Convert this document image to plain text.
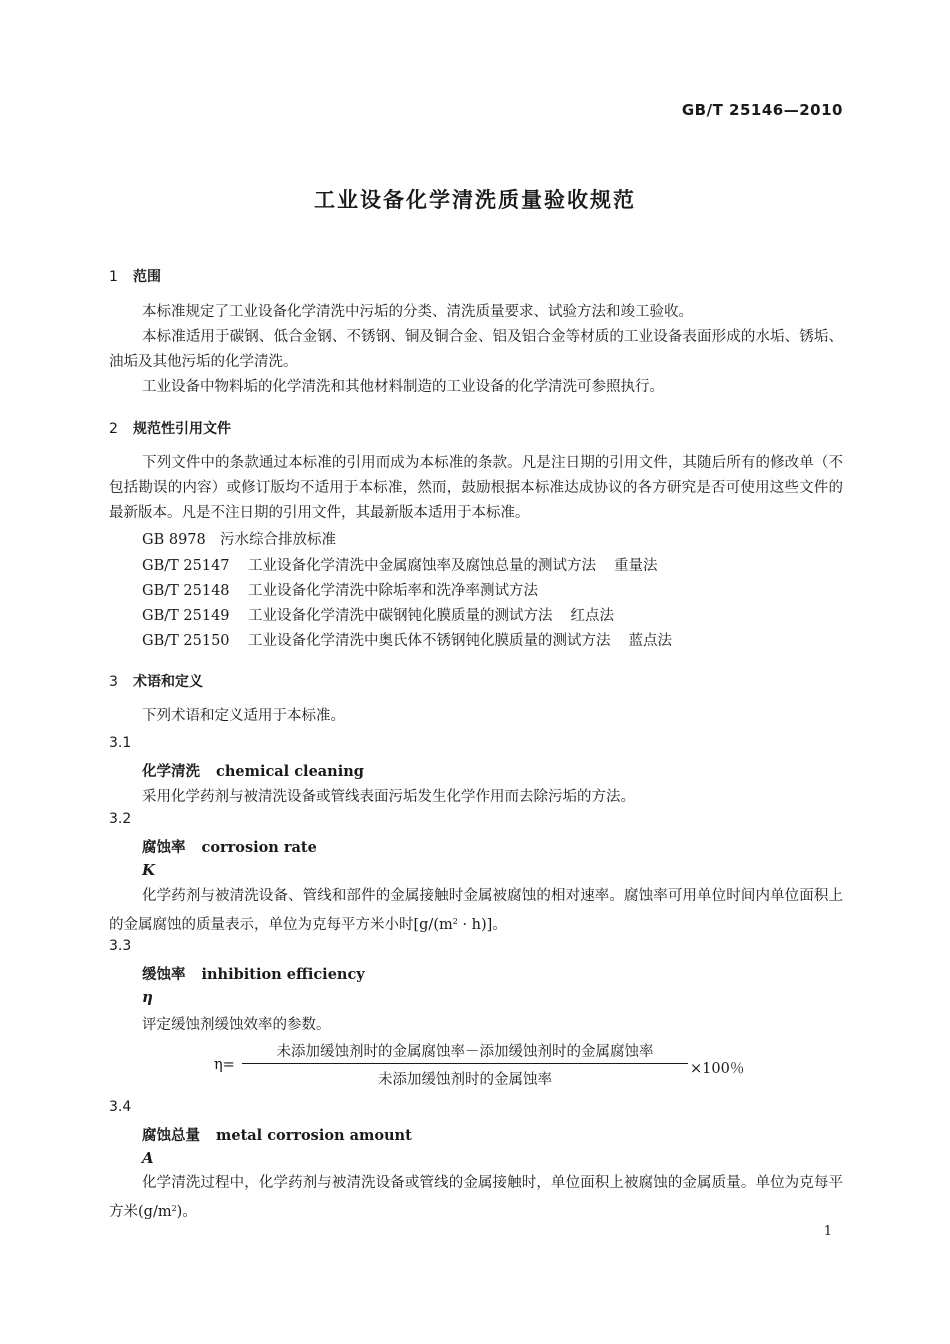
GB/T 25146—2010
工业设备化学清洗质量验收规范
1 范围
本标准规定了工业设备化学清洗中污垢的分类、清洗质量要求、试验方法和竣工验收。
本标准适用于碳钢、低合金钢、不锈钢、铜及铜合金、铝及铝合金等材质的工业设备表面形成的水垢、锈垢、油垢及其他污垢的化学清洗。
工业设备中物料垢的化学清洗和其他材料制造的工业设备的化学清洗可参照执行。
2 规范性引用文件
下列文件中的条款通过本标准的引用而成为本标准的条款。凡是注日期的引用文件，其随后所有的修改单（不包括勘误的内容）或修订版均不适用于本标准，然而，鼓励根据本标准达成协议的各方研究是否可使用这些文件的最新版本。凡是不注日期的引用文件，其最新版本适用于本标准。
GB 8978 污水综合排放标准
GB/T 25147 工业设备化学清洗中金属腐蚀率及腐蚀总量的测试方法 重量法
GB/T 25148 工业设备化学清洗中除垢率和洗净率测试方法
GB/T 25149 工业设备化学清洗中碳钢钝化膜质量的测试方法 红点法
GB/T 25150 工业设备化学清洗中奥氏体不锈钢钝化膜质量的测试方法 蓝点法
3 术语和定义
下列术语和定义适用于本标准。
3.1
化学清洗 chemical cleaning
采用化学药剂与被清洗设备或管线表面污垢发生化学作用而去除污垢的方法。
3.2
腐蚀率 corrosion rate
K
化学药剂与被清洗设备、管线和部件的金属接触时金属被腐蚀的相对速率。腐蚀率可用单位时间内单位面积上的金属腐蚀的质量表示，单位为克每平方米小时$[g/(m^2 \cdot h)]$。
3.3
缓蚀率 inhibition efficiency
η
评定缓蚀剂缓蚀效率的参数。
η=
未添加缓蚀剂时的金属腐蚀率－添加缓蚀剂时的金属腐蚀率
未添加缓蚀剂时的金属蚀率
×100％
3.4
腐蚀总量 metal corrosion amount
A
化学清洗过程中，化学药剂与被清洗设备或管线的金属接触时，单位面积上被腐蚀的金属质量。单位为克每平方米$(g/m^2)$。
1
